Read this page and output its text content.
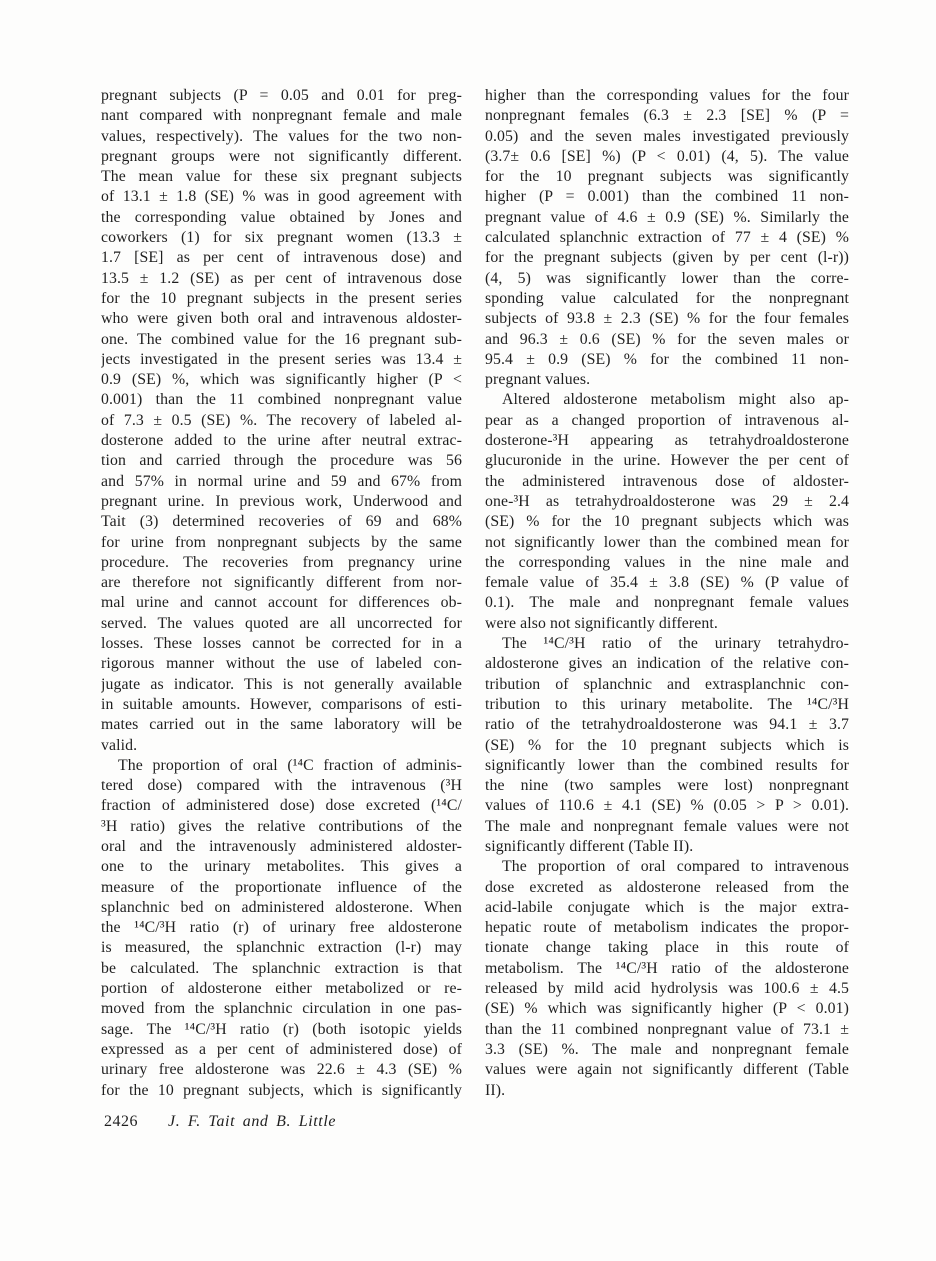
pregnant subjects (P = 0.05 and 0.01 for preg-
nant compared with nonpregnant female and male
values, respectively). The values for the two non-
pregnant groups were not significantly different.
The mean value for these six pregnant subjects
of 13.1 ± 1.8 (SE) % was in good agreement with
the corresponding value obtained by Jones and
coworkers (1) for six pregnant women (13.3 ±
1.7 [SE] as per cent of intravenous dose) and
13.5 ± 1.2 (SE) as per cent of intravenous dose
for the 10 pregnant subjects in the present series
who were given both oral and intravenous aldoster-
one. The combined value for the 16 pregnant sub-
jects investigated in the present series was 13.4 ±
0.9 (SE) %, which was significantly higher (P <
0.001) than the 11 combined nonpregnant value
of 7.3 ± 0.5 (SE) %. The recovery of labeled al-
dosterone added to the urine after neutral extrac-
tion and carried through the procedure was 56
and 57% in normal urine and 59 and 67% from
pregnant urine. In previous work, Underwood and
Tait (3) determined recoveries of 69 and 68%
for urine from nonpregnant subjects by the same
procedure. The recoveries from pregnancy urine
are therefore not significantly different from nor-
mal urine and cannot account for differences ob-
served. The values quoted are all uncorrected for
losses. These losses cannot be corrected for in a
rigorous manner without the use of labeled con-
jugate as indicator. This is not generally available
in suitable amounts. However, comparisons of esti-
mates carried out in the same laboratory will be
valid.
The proportion of oral (¹⁴C fraction of adminis-
tered dose) compared with the intravenous (³H
fraction of administered dose) dose excreted (¹⁴C/
³H ratio) gives the relative contributions of the
oral and the intravenously administered aldoster-
one to the urinary metabolites. This gives a
measure of the proportionate influence of the
splanchnic bed on administered aldosterone. When
the ¹⁴C/³H ratio (r) of urinary free aldosterone
is measured, the splanchnic extraction (l-r) may
be calculated. The splanchnic extraction is that
portion of aldosterone either metabolized or re-
moved from the splanchnic circulation in one pas-
sage. The ¹⁴C/³H ratio (r) (both isotopic yields
expressed as a per cent of administered dose) of
urinary free aldosterone was 22.6 ± 4.3 (SE) %
for the 10 pregnant subjects, which is significantly
higher than the corresponding values for the four
nonpregnant females (6.3 ± 2.3 [SE] % (P =
0.05) and the seven males investigated previously
(3.7± 0.6 [SE] %) (P < 0.01) (4, 5). The value
for the 10 pregnant subjects was significantly
higher (P = 0.001) than the combined 11 non-
pregnant value of 4.6 ± 0.9 (SE) %. Similarly the
calculated splanchnic extraction of 77 ± 4 (SE) %
for the pregnant subjects (given by per cent (l-r))
(4, 5) was significantly lower than the corre-
sponding value calculated for the nonpregnant
subjects of 93.8 ± 2.3 (SE) % for the four females
and 96.3 ± 0.6 (SE) % for the seven males or
95.4 ± 0.9 (SE) % for the combined 11 non-
pregnant values.
Altered aldosterone metabolism might also ap-
pear as a changed proportion of intravenous al-
dosterone-³H appearing as tetrahydroaldosterone
glucuronide in the urine. However the per cent of
the administered intravenous dose of aldoster-
one-³H as tetrahydroaldosterone was 29 ± 2.4
(SE) % for the 10 pregnant subjects which was
not significantly lower than the combined mean for
the corresponding values in the nine male and
female value of 35.4 ± 3.8 (SE) % (P value of
0.1). The male and nonpregnant female values
were also not significantly different.
The ¹⁴C/³H ratio of the urinary tetrahydro-
aldosterone gives an indication of the relative con-
tribution of splanchnic and extrasplanchnic con-
tribution to this urinary metabolite. The ¹⁴C/³H
ratio of the tetrahydroaldosterone was 94.1 ± 3.7
(SE) % for the 10 pregnant subjects which is
significantly lower than the combined results for
the nine (two samples were lost) nonpregnant
values of 110.6 ± 4.1 (SE) % (0.05 > P > 0.01).
The male and nonpregnant female values were not
significantly different (Table II).
The proportion of oral compared to intravenous
dose excreted as aldosterone released from the
acid-labile conjugate which is the major extra-
hepatic route of metabolism indicates the propor-
tionate change taking place in this route of
metabolism. The ¹⁴C/³H ratio of the aldosterone
released by mild acid hydrolysis was 100.6 ± 4.5
(SE) % which was significantly higher (P < 0.01)
than the 11 combined nonpregnant value of 73.1 ±
3.3 (SE) %. The male and nonpregnant female
values were again not significantly different (Table
II).
2426 J. F. Tait and B. Little
